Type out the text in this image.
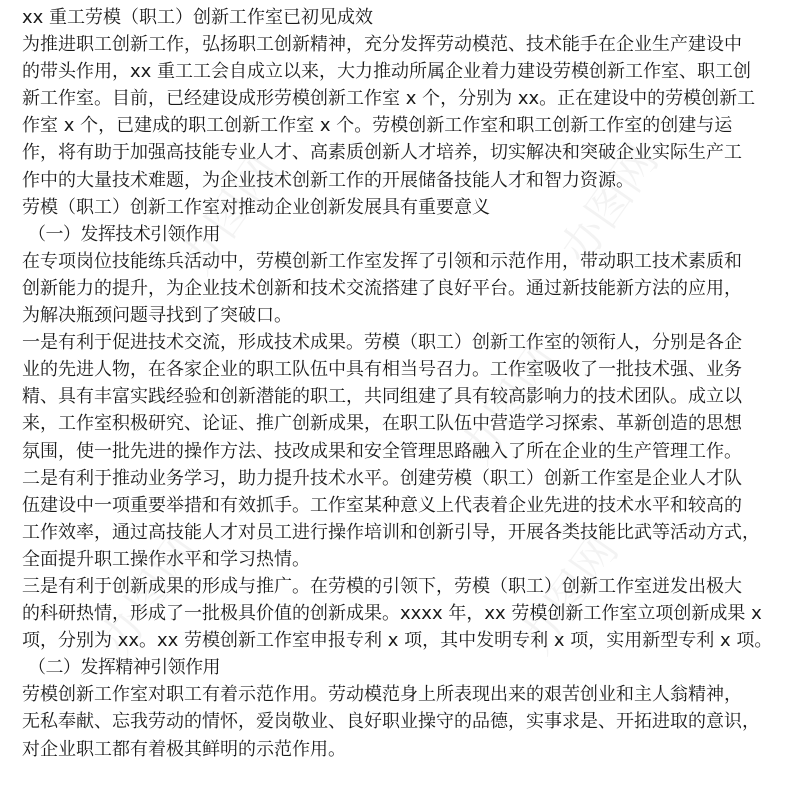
xx 重工劳模（职工）创新工作室已初见成效
为推进职工创新工作，弘扬职工创新精神，充分发挥劳动模范、技术能手在企业生产建设中
的带头作用，xx 重工工会自成立以来，大力推动所属企业着力建设劳模创新工作室、职工创
新工作室。目前，已经建设成形劳模创新工作室 x 个，分别为 xx。正在建设中的劳模创新工
作室 x 个，已建成的职工创新工作室 x 个。劳模创新工作室和职工创新工作室的创建与运
作，将有助于加强高技能专业人才、高素质创新人才培养，切实解决和突破企业实际生产工
作中的大量技术难题，为企业技术创新工作的开展储备技能人才和智力资源。
劳模（职工）创新工作室对推动企业创新发展具有重要意义
（一）发挥技术引领作用
在专项岗位技能练兵活动中，劳模创新工作室发挥了引领和示范作用，带动职工技术素质和
创新能力的提升，为企业技术创新和技术交流搭建了良好平台。通过新技能新方法的应用，
为解决瓶颈问题寻找到了突破口。
一是有利于促进技术交流，形成技术成果。劳模（职工）创新工作室的领衔人，分别是各企
业的先进人物，在各家企业的职工队伍中具有相当号召力。工作室吸收了一批技术强、业务
精、具有丰富实践经验和创新潜能的职工，共同组建了具有较高影响力的技术团队。成立以
来，工作室积极研究、论证、推广创新成果，在职工队伍中营造学习探索、革新创造的思想
氛围，使一批先进的操作方法、技改成果和安全管理思路融入了所在企业的生产管理工作。
二是有利于推动业务学习，助力提升技术水平。创建劳模（职工）创新工作室是企业人才队
伍建设中一项重要举措和有效抓手。工作室某种意义上代表着企业先进的技术水平和较高的
工作效率，通过高技能人才对员工进行操作培训和创新引导，开展各类技能比武等活动方式，
全面提升职工操作水平和学习热情。
三是有利于创新成果的形成与推广。在劳模的引领下，劳模（职工）创新工作室迸发出极大
的科研热情，形成了一批极具价值的创新成果。xxxx 年，xx 劳模创新工作室立项创新成果 x
项，分别为 xx。xx 劳模创新工作室申报专利 x 项，其中发明专利 x 项，实用新型专利 x 项。
（二）发挥精神引领作用
劳模创新工作室对职工有着示范作用。劳动模范身上所表现出来的艰苦创业和主人翁精神，
无私奉献、忘我劳动的情怀，爱岗敬业、良好职业操守的品德，实事求是、开拓进取的意识，
对企业职工都有着极其鲜明的示范作用。
